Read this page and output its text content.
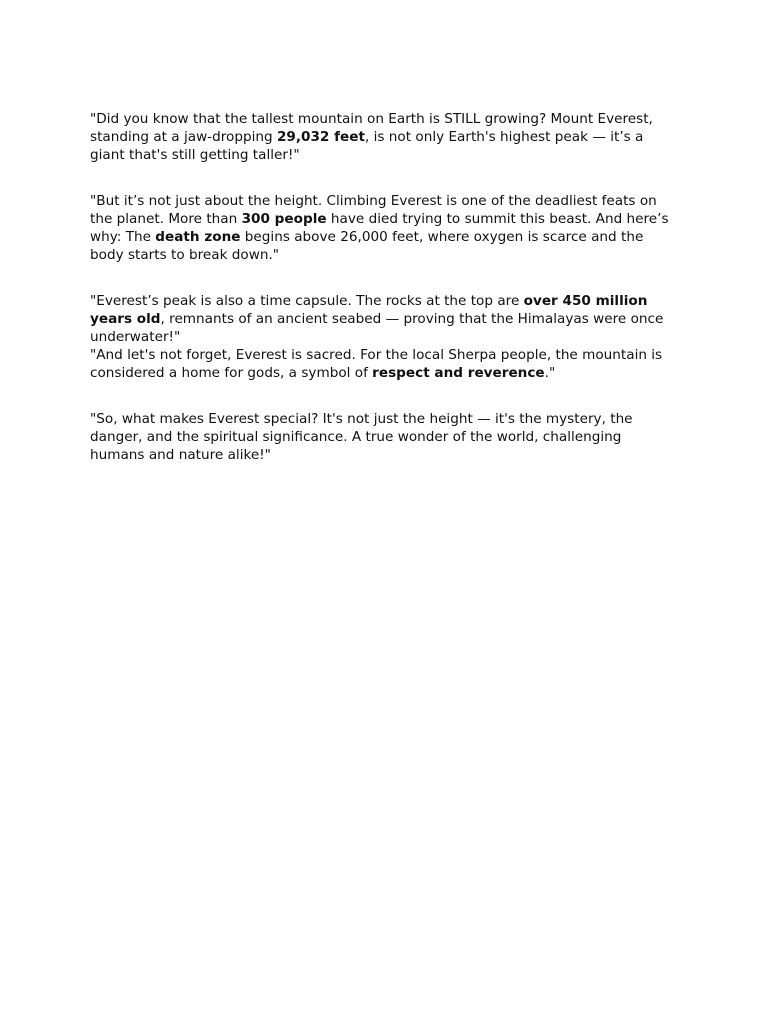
"Did you know that the tallest mountain on Earth is STILL growing? Mount Everest, standing at a jaw-dropping 29,032 feet, is not only Earth's highest peak — it’s a giant that's still getting taller!"

"But it’s not just about the height. Climbing Everest is one of the deadliest feats on the planet. More than 300 people have died trying to summit this beast. And here’s why: The death zone begins above 26,000 feet, where oxygen is scarce and the body starts to break down."

"Everest’s peak is also a time capsule. The rocks at the top are over 450 million years old, remnants of an ancient seabed — proving that the Himalayas were once underwater!"

"And let's not forget, Everest is sacred. For the local Sherpa people, the mountain is considered a home for gods, a symbol of respect and reverence."

"So, what makes Everest special? It's not just the height — it's the mystery, the danger, and the spiritual significance. A true wonder of the world, challenging humans and nature alike!"
